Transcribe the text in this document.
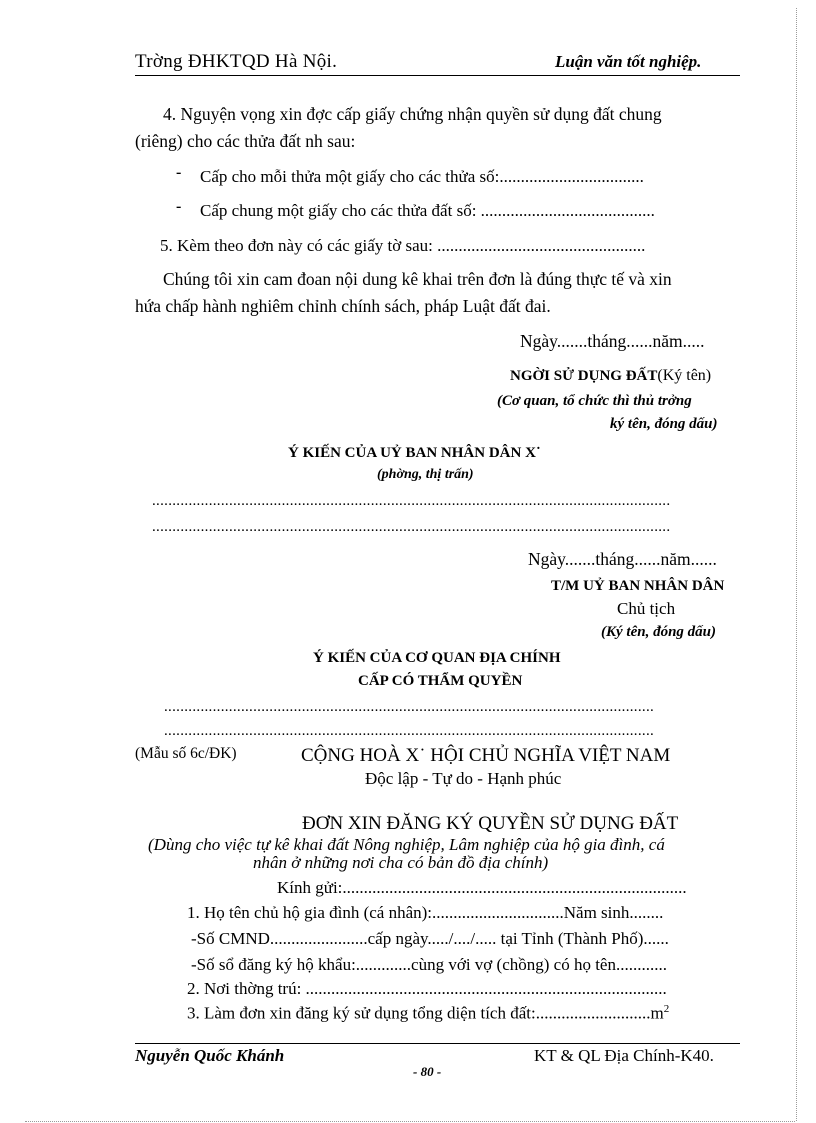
Trờng ĐHKTQD Hà Nội.	Luận văn tốt nghiệp.
4. Nguyện vọng xin đợc cấp giấy chứng nhận quyền sử dụng đất chung
(riêng) cho các thửa đất nh sau:
- Cấp cho mỗi thửa một giấy cho các thửa số:..................................
- Cấp chung một giấy cho các thửa đất số: .........................................
5. Kèm theo đơn này có các giấy tờ sau: .................................................
Chúng tôi xin cam đoan nội dung kê khai trên đơn là đúng thực tế và xin
hứa chấp hành nghiêm chỉnh chính sách, pháp Luật đất đai.
Ngày.......tháng......năm.....
NGỜI SỬ DỤNG ĐẤT(Ký tên)
(Cơ quan, tổ chức thì thủ trởng
ký tên, đóng dấu)
Ý KIẾN CỦA UỶ BAN NHÂN DÂN X˙
(phờng, thị trấn)
................................................................................................................................
................................................................................................................................
Ngày.......tháng......năm......
T/M UỶ BAN NHÂN DÂN
Chủ tịch
(Ký tên, đóng dấu)
Ý KIẾN CỦA CƠ QUAN ĐỊA CHÍNH
CẤP CÓ THẨM QUYỀN
.........................................................................................................................
.........................................................................................................................
(Mẫu số 6c/ĐK)	CỘNG HOÀ X˙ HỘI CHỦ NGHĨA VIỆT NAM
Độc lập - Tự do - Hạnh phúc
ĐƠN XIN ĐĂNG KÝ QUYỀN SỬ DỤNG ĐẤT
(Dùng cho việc tự kê khai đất Nông nghiệp, Lâm nghiệp của hộ gia đình, cá
nhân ở những nơi cha có bản đồ địa chính)
Kính gửi:.................................................................................
1. Họ tên chủ hộ gia đình (cá nhân):...............................Năm sinh........
-Số CMND.......................cấp ngày...../..../..... tại Tỉnh (Thành Phố)......
-Số sổ đăng ký hộ khẩu:.............cùng với vợ (chồng) có họ tên............
2. Nơi thờng trú: .....................................................................................
3. Làm đơn xin đăng ký sử dụng tổng diện tích $đất:...........................m^2$
Nguyễn Quốc Khánh	KT & QL Địa Chính-K40.
- 80 -
